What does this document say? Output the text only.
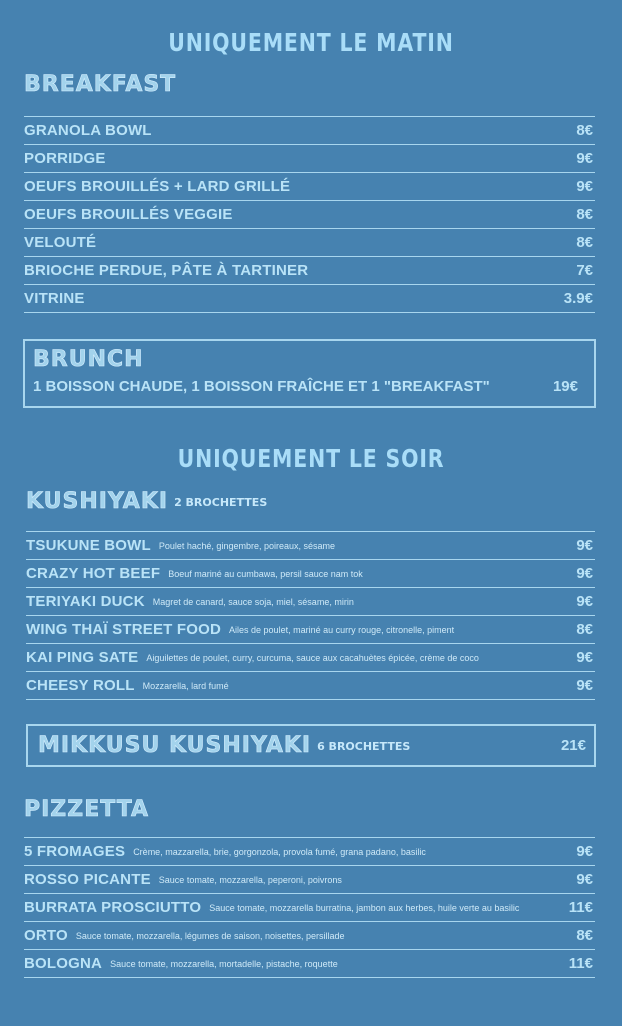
UNIQUEMENT LE MATIN
BREAKFAST
GRANOLA BOWL	8€
PORRIDGE	9€
OEUFS BROUILLÉS + LARD GRILLÉ	9€
OEUFS BROUILLÉS VEGGIE	8€
VELOUTÉ	8€
BRIOCHE PERDUE, PÂTE À TARTINER	7€
VITRINE	3.9€
BRUNCH
1 BOISSON CHAUDE, 1 BOISSON FRAÎCHE ET 1 "BREAKFAST"	19€
UNIQUEMENT LE SOIR
KUSHIYAKI 2 BROCHETTES
TSUKUNE BOWL Poulet haché, gingembre, poireaux, sésame	9€
CRAZY HOT BEEF Boeuf mariné au cumbawa, persil sauce nam tok	9€
TERIYAKI DUCK Magret de canard, sauce soja, miel, sésame, mirin	9€
WING THAÏ STREET FOOD Ailes de poulet, mariné au curry rouge, citronelle, piment	8€
KAI PING SATE Aiguilettes de poulet, curry, curcuma, sauce aux cacahuètes épicée, crème de coco	9€
CHEESY ROLL Mozzarella, lard fumé	9€
MIKKUSU KUSHIYAKI 6 BROCHETTES	21€
PIZZETTA
5 FROMAGES Crème, mazzarella, brie, gorgonzola, provola fumé, grana padano, basilic	9€
ROSSO PICANTE Sauce tomate, mozzarella, peperoni, poivrons	9€
BURRATA PROSCIUTTO Sauce tomate, mozzarella burratina, jambon aux herbes, huile verte au basilic	11€
ORTO Sauce tomate, mozzarella, légumes de saison, noisettes, persillade	8€
BOLOGNA Sauce tomate, mozzarella, mortadelle, pistache, roquette	11€
